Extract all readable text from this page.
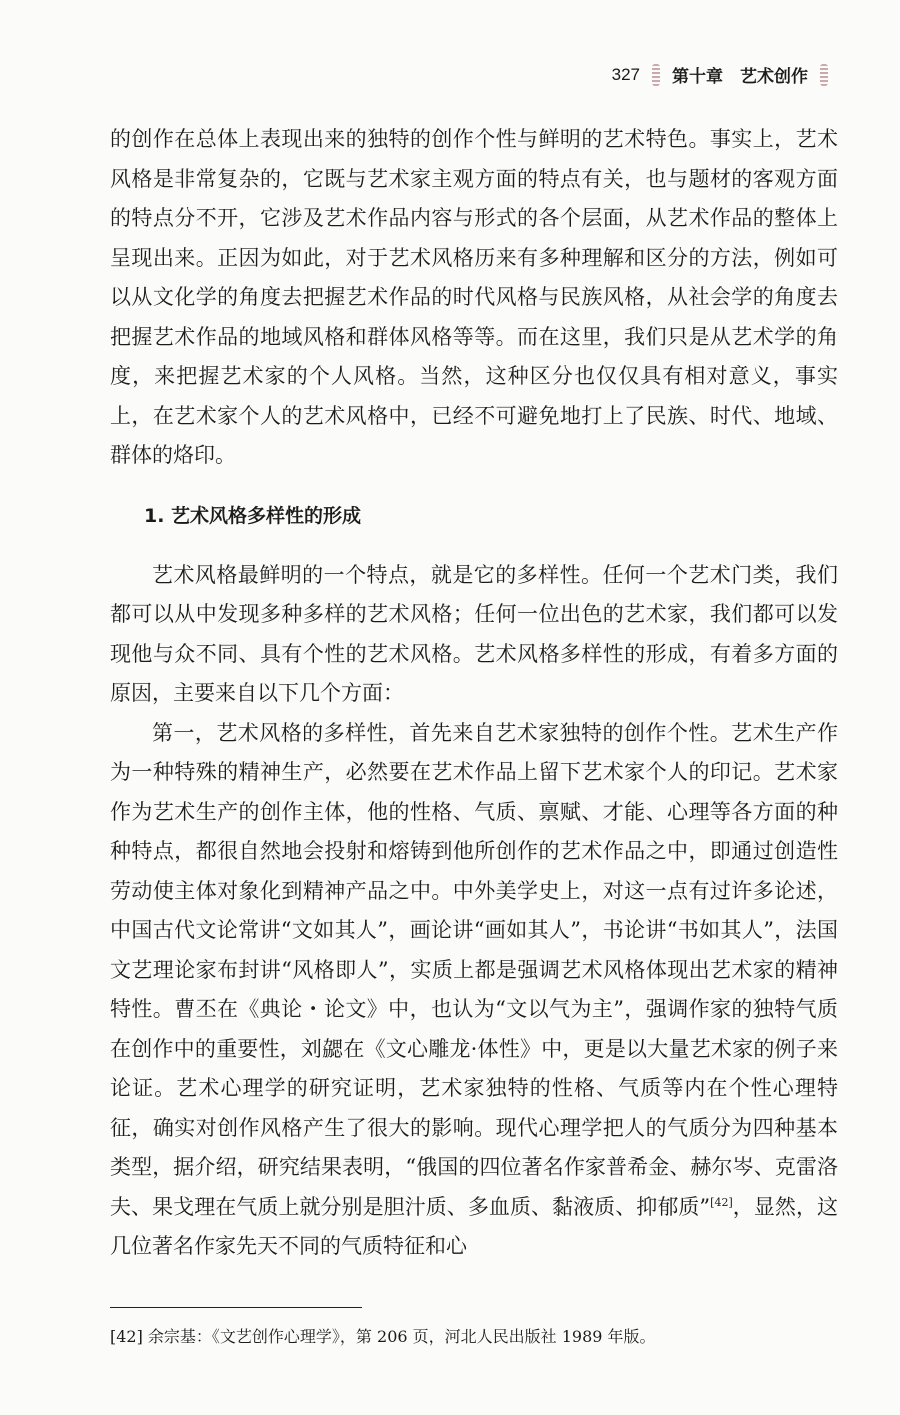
327 第十章　艺术创作

的创作在总体上表现出来的独特的创作个性与鲜明的艺术特色。事实上，艺术风格是非常复杂的，它既与艺术家主观方面的特点有关，也与题材的客观方面的特点分不开，它涉及艺术作品内容与形式的各个层面，从艺术作品的整体上呈现出来。正因为如此，对于艺术风格历来有多种理解和区分的方法，例如可以从文化学的角度去把握艺术作品的时代风格与民族风格，从社会学的角度去把握艺术作品的地域风格和群体风格等等。而在这里，我们只是从艺术学的角度，来把握艺术家的个人风格。当然，这种区分也仅仅具有相对意义，事实上，在艺术家个人的艺术风格中，已经不可避免地打上了民族、时代、地域、群体的烙印。

1. 艺术风格多样性的形成

艺术风格最鲜明的一个特点，就是它的多样性。任何一个艺术门类，我们都可以从中发现多种多样的艺术风格；任何一位出色的艺术家，我们都可以发现他与众不同、具有个性的艺术风格。艺术风格多样性的形成，有着多方面的原因，主要来自以下几个方面：

第一，艺术风格的多样性，首先来自艺术家独特的创作个性。艺术生产作为一种特殊的精神生产，必然要在艺术作品上留下艺术家个人的印记。艺术家作为艺术生产的创作主体，他的性格、气质、禀赋、才能、心理等各方面的种种特点，都很自然地会投射和熔铸到他所创作的艺术作品之中，即通过创造性劳动使主体对象化到精神产品之中。中外美学史上，对这一点有过许多论述，中国古代文论常讲“文如其人”，画论讲“画如其人”，书论讲“书如其人”，法国文艺理论家布封讲“风格即人”，实质上都是强调艺术风格体现出艺术家的精神特性。曹丕在《典论・论文》中，也认为“文以气为主”，强调作家的独特气质在创作中的重要性，刘勰在《文心雕龙·体性》中，更是以大量艺术家的例子来论证。艺术心理学的研究证明，艺术家独特的性格、气质等内在个性心理特征，确实对创作风格产生了很大的影响。现代心理学把人的气质分为四种基本类型，据介绍，研究结果表明，“俄国的四位著名作家普希金、赫尔岑、克雷洛夫、果戈理在气质上就分别是胆汁质、多血质、黏液质、抑郁质”[42]，显然，这几位著名作家先天不同的气质特征和心

[42] 余宗基：《文艺创作心理学》，第 206 页，河北人民出版社 1989 年版。
